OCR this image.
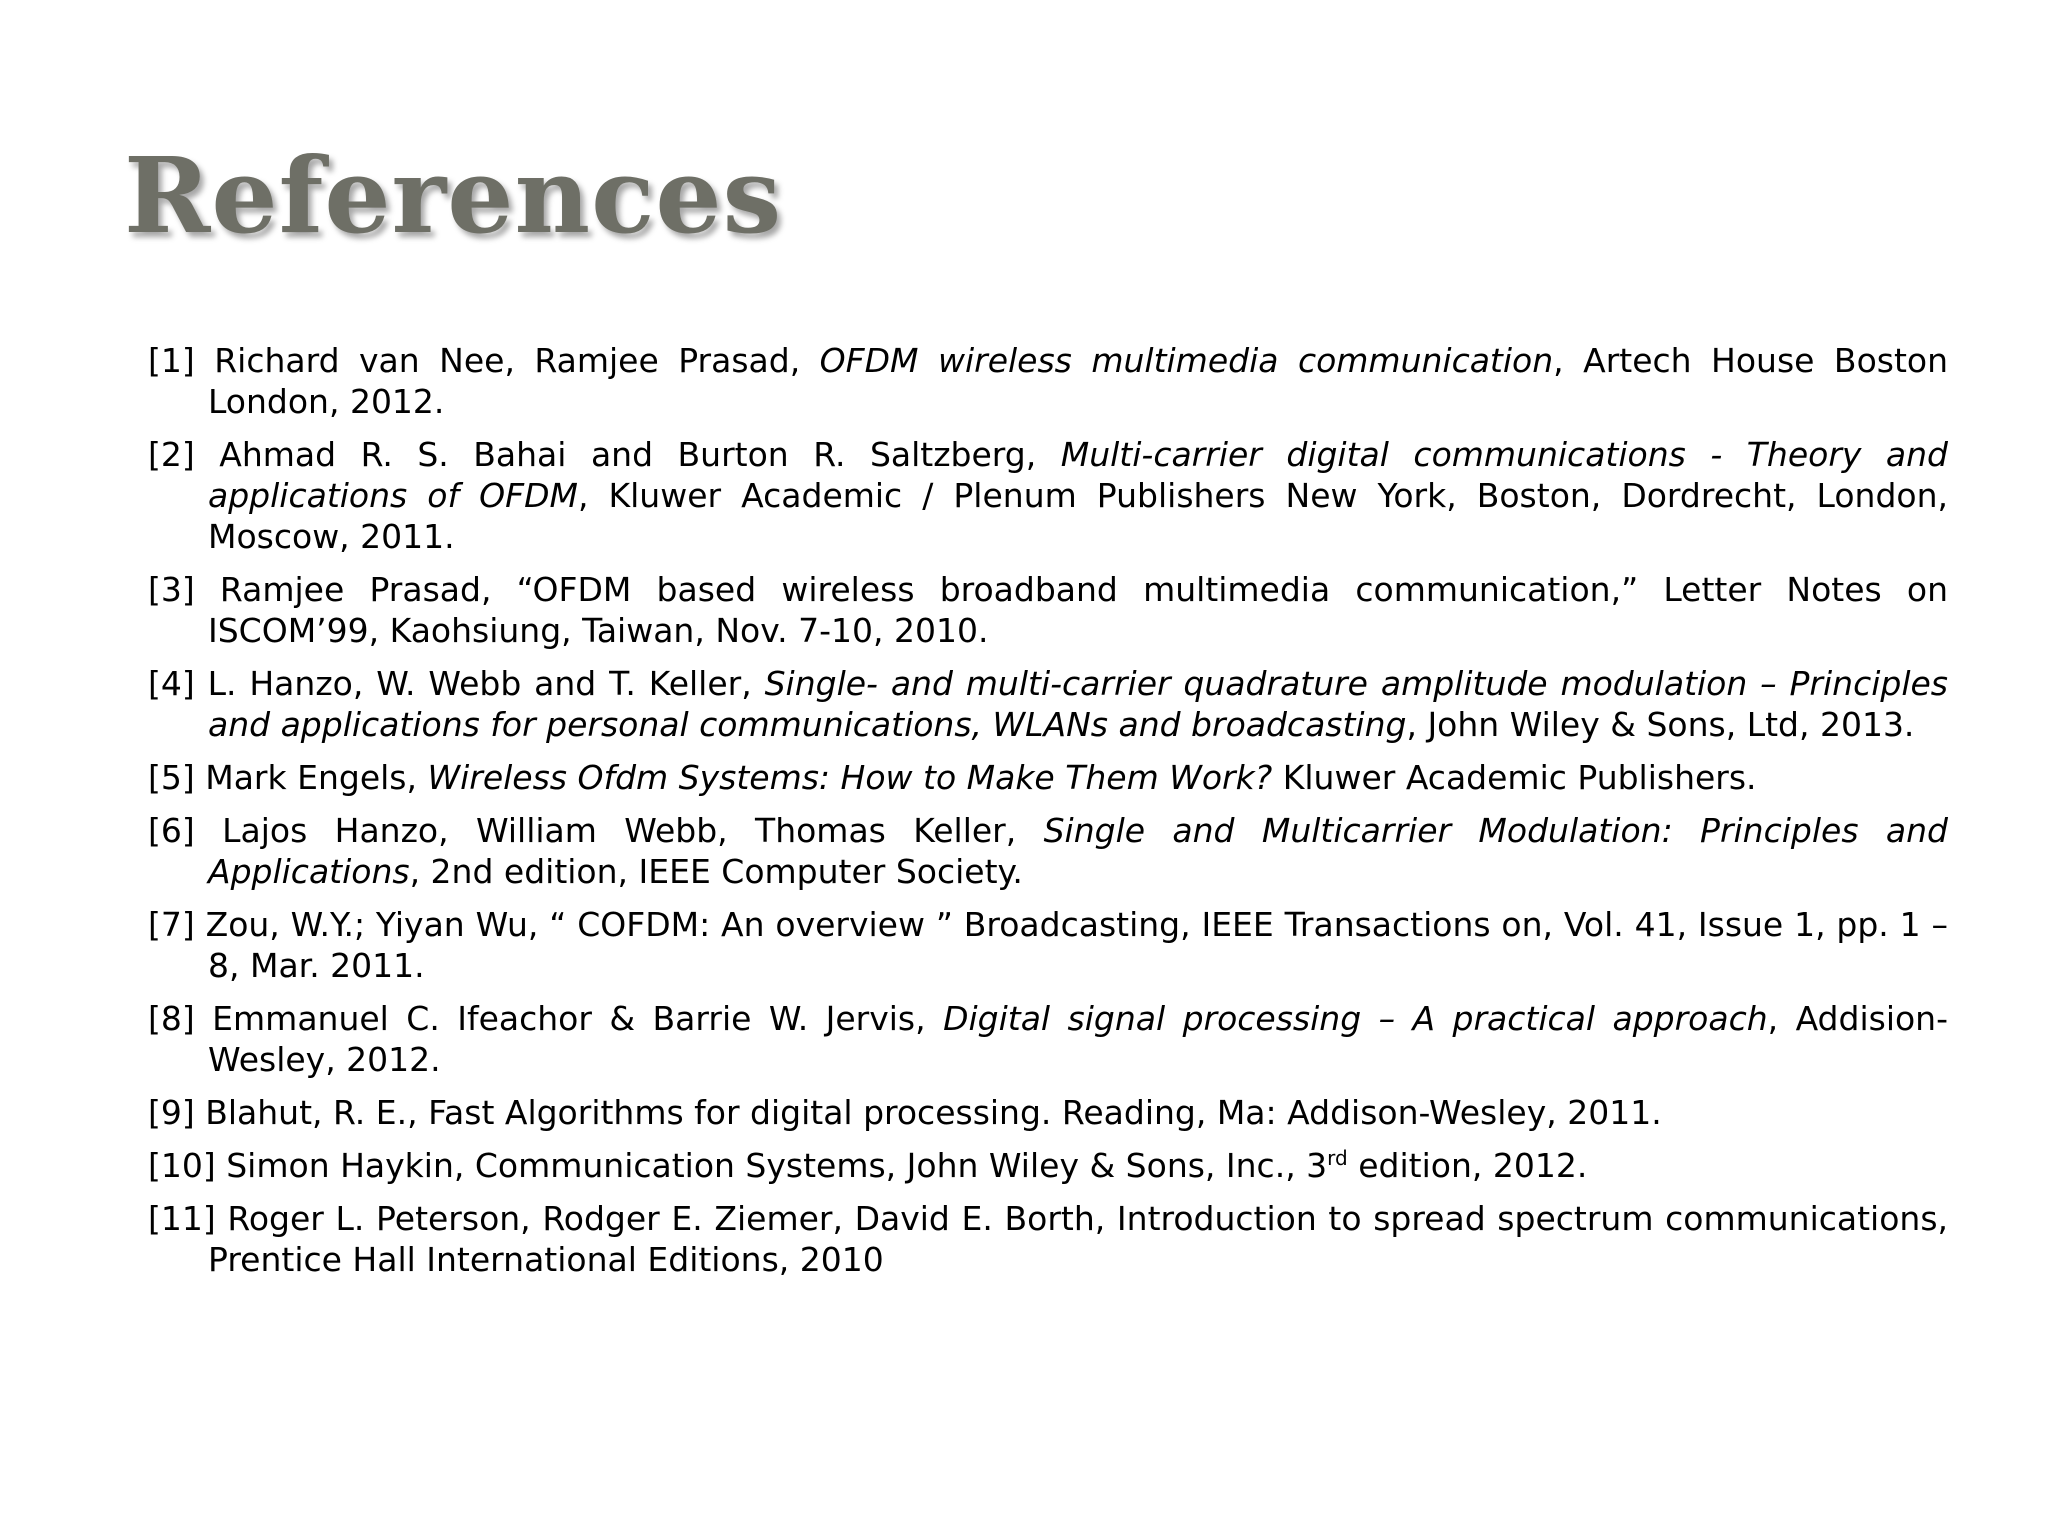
References
[1] Richard van Nee, Ramjee Prasad, OFDM wireless multimedia communication, Artech House Boston London, 2012.
[2] Ahmad R. S. Bahai and Burton R. Saltzberg, Multi-carrier digital communications - Theory and applications of OFDM, Kluwer Academic / Plenum Publishers New York, Boston, Dordrecht, London, Moscow, 2011.
[3] Ramjee Prasad, “OFDM based wireless broadband multimedia communication,” Letter Notes on ISCOM’99, Kaohsiung, Taiwan, Nov. 7-10, 2010.
[4] L. Hanzo, W. Webb and T. Keller, Single- and multi-carrier quadrature amplitude modulation – Principles and applications for personal communications, WLANs and broadcasting, John Wiley & Sons, Ltd, 2013.
[5] Mark Engels, Wireless Ofdm Systems: How to Make Them Work? Kluwer Academic Publishers.
[6] Lajos Hanzo, William Webb, Thomas Keller, Single and Multicarrier Modulation: Principles and Applications, 2nd edition, IEEE Computer Society.
[7] Zou, W.Y.; Yiyan Wu, “ COFDM: An overview ” Broadcasting, IEEE Transactions on, Vol. 41, Issue 1, pp. 1 –8, Mar. 2011.
[8] Emmanuel C. Ifeachor & Barrie W. Jervis, Digital signal processing – A practical approach, Addision-Wesley, 2012.
[9] Blahut, R. E., Fast Algorithms for digital processing. Reading, Ma: Addison-Wesley, 2011.
[10] Simon Haykin, Communication Systems, John Wiley & Sons, Inc., 3rd edition, 2012.
[11] Roger L. Peterson, Rodger E. Ziemer, David E. Borth, Introduction to spread spectrum communications, Prentice Hall International Editions, 2010
